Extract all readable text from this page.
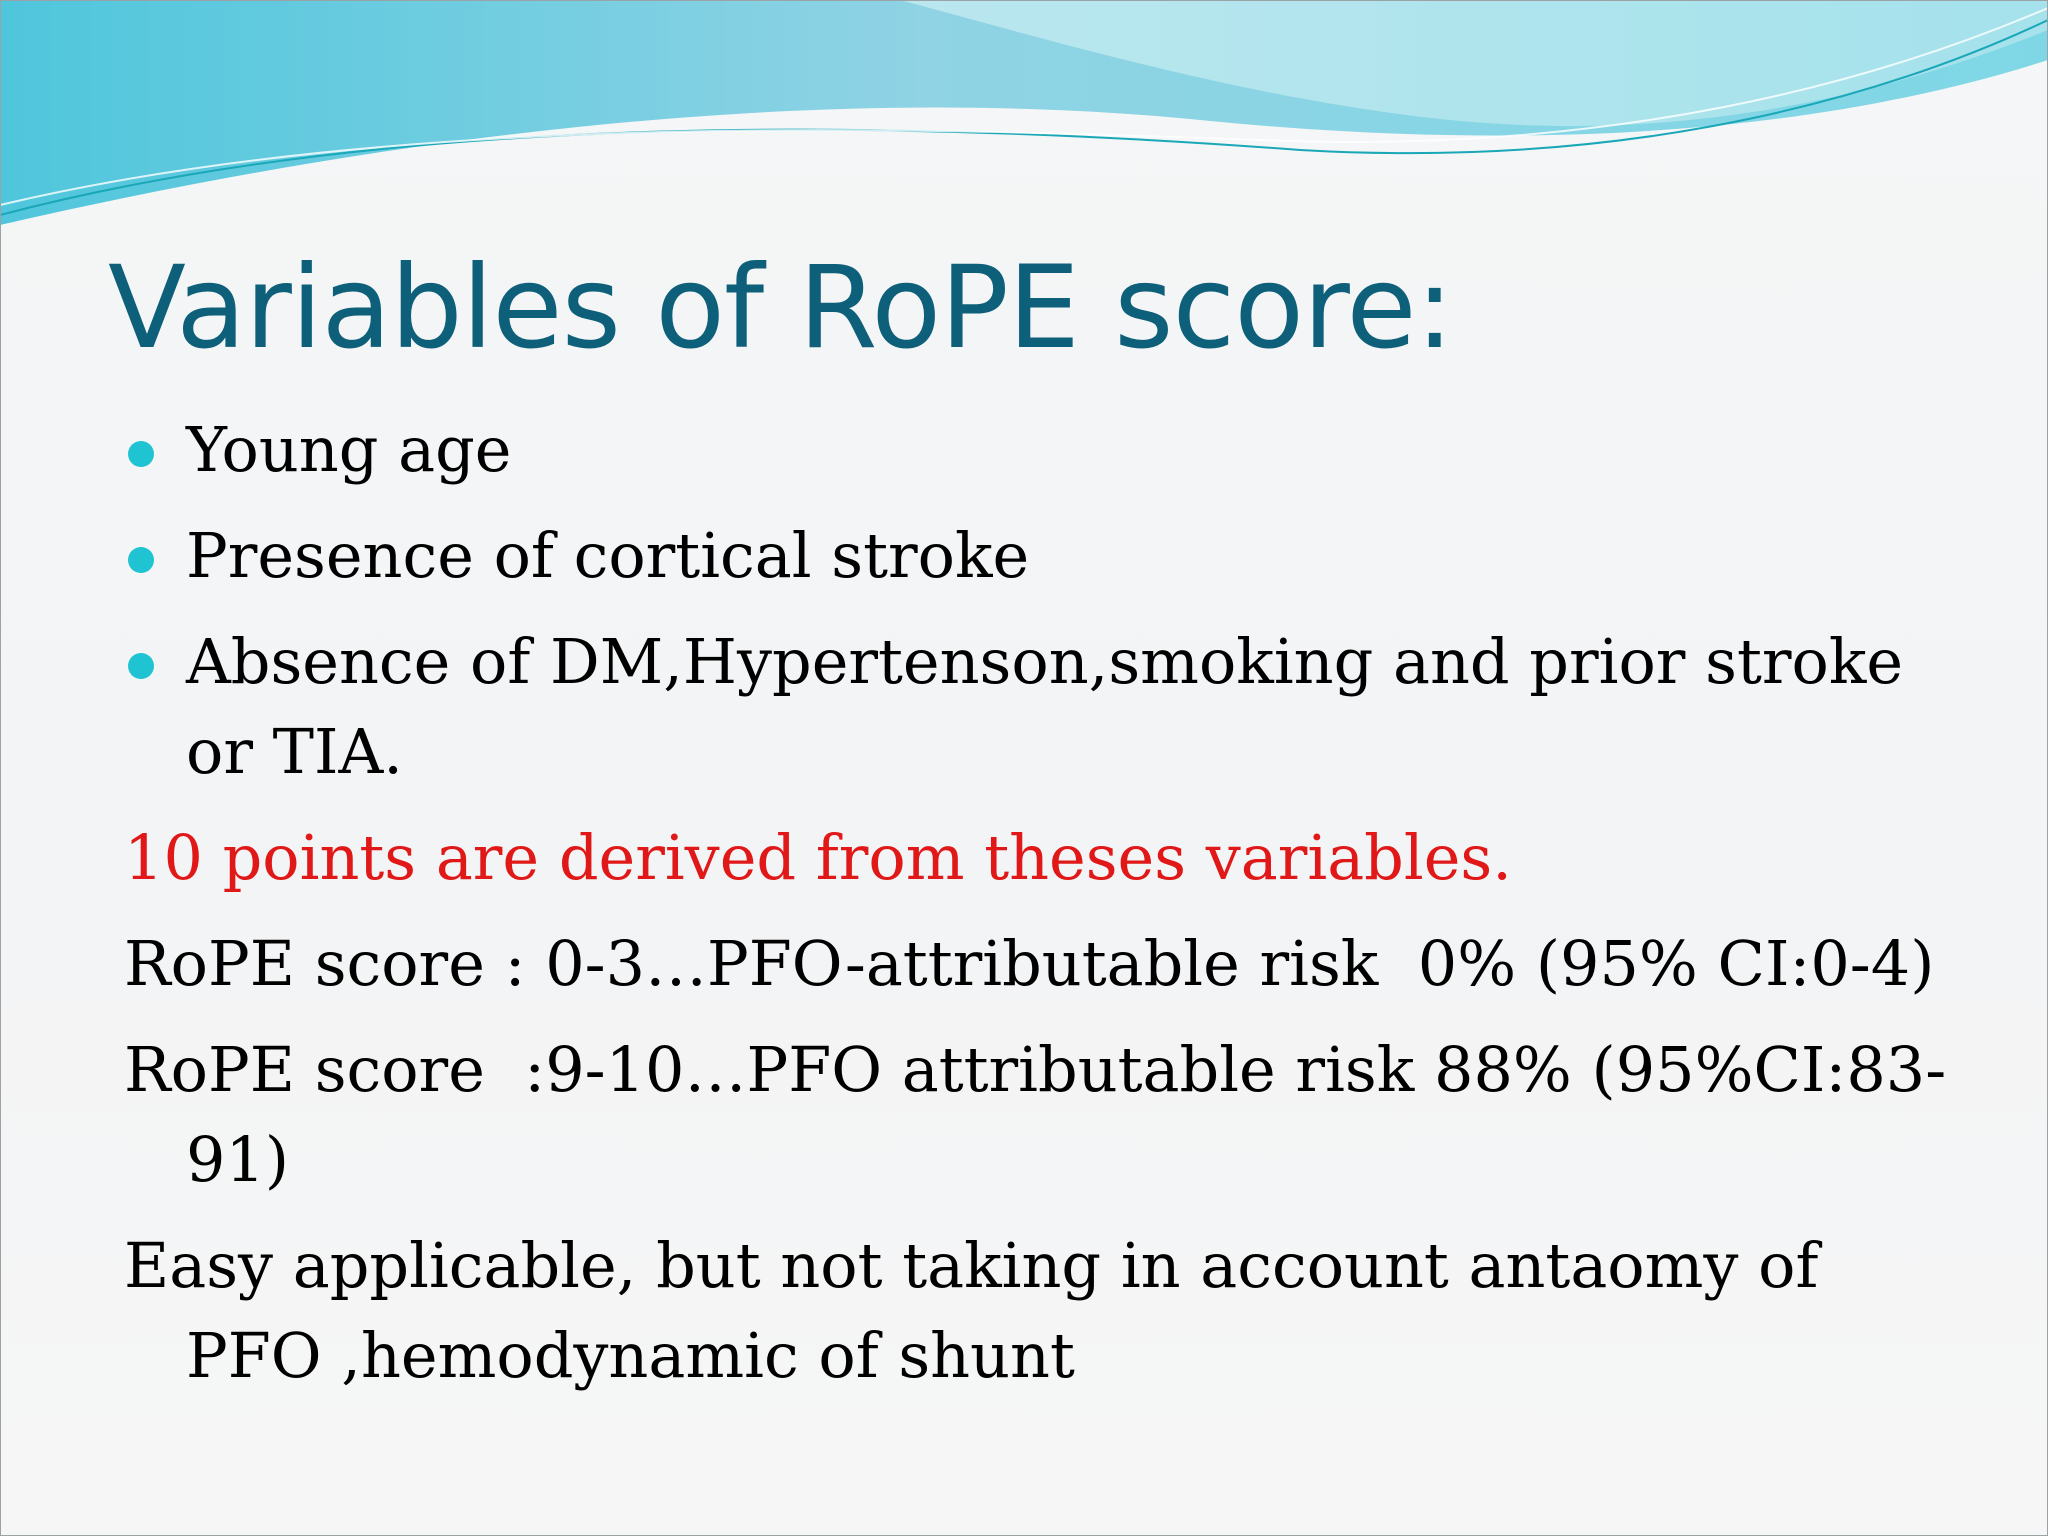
Variables of RoPE score:
Young age
Presence of cortical stroke
Absence of DM,Hypertenson,smoking and prior stroke or TIA.

10 points are derived from theses variables.

RoPE score : 0-3…PFO-attributable risk  0% (95% CI:0-4)

RoPE score  :9-10…PFO attributable risk 88% (95%CI:83-91)

Easy applicable, but not taking in account antaomy of PFO ,hemodynamic of shunt
